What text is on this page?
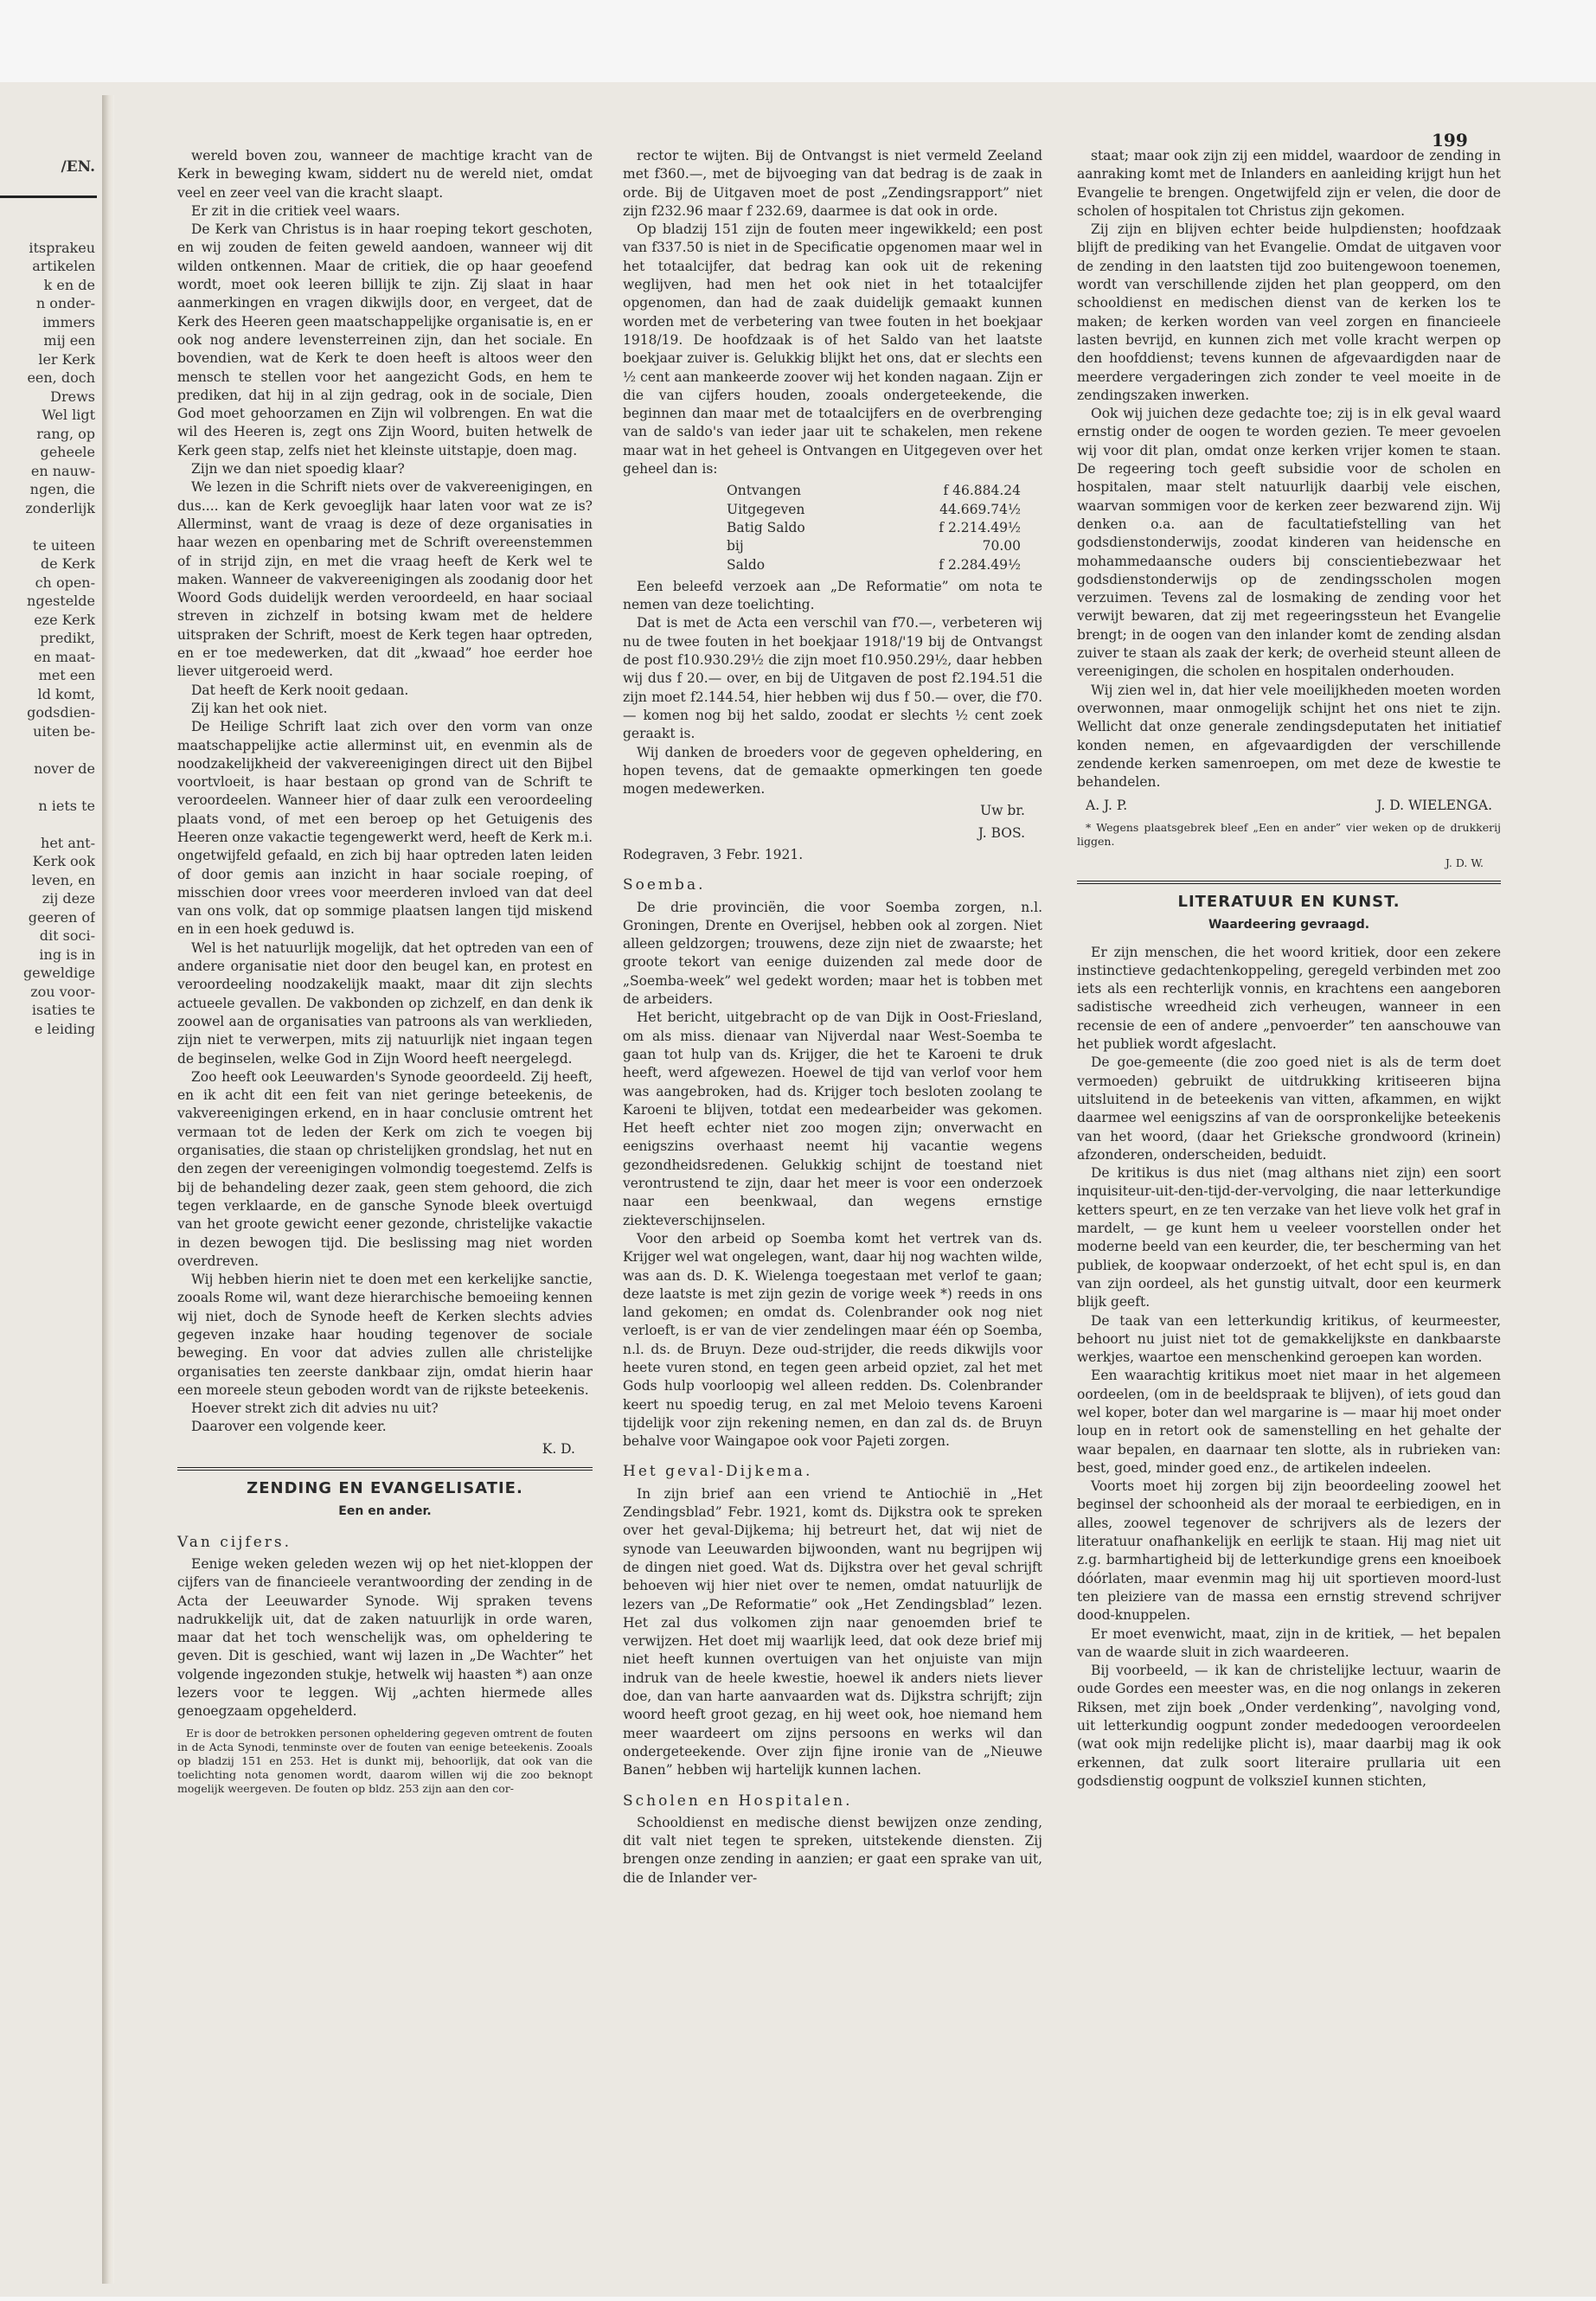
/EN.

itsprakeu
artikelen
k en de
n onder-
immers
mij een
ler Kerk
een, doch
Drews
Wel ligt
rang, op
geheele
en nauw-
ngen, die
zonderlijk
te uiteen
de Kerk
ch open-
ngestelde
eze Kerk
predikt,
en maat-
met een
ld komt,
godsdien-
uiten be-
nover de
n iets te
het ant-
Kerk ook
leven, en
zij deze
geeren of
dit soci-
ing is in
geweldige
zou voor-
isaties te
e leiding

199

wereld boven zou, wanneer de machtige kracht van de Kerk in beweging kwam, siddert nu de wereld niet, omdat veel en zeer veel van die kracht slaapt.

Er zit in die critiek veel waars.

De Kerk van Christus is in haar roeping tekort geschoten, en wij zouden de feiten geweld aandoen, wanneer wij dit wilden ontkennen. Maar de critiek, die op haar geoefend wordt, moet ook leeren billijk te zijn. Zij slaat in haar aanmerkingen en vragen dikwijls door, en vergeet, dat de Kerk des Heeren geen maatschappelijke organisatie is, en er ook nog andere levensterreinen zijn, dan het sociale. En bovendien, wat de Kerk te doen heeft is altoos weer den mensch te stellen voor het aangezicht Gods, en hem te prediken, dat hij in al zijn gedrag, ook in de sociale, Dien God moet gehoorzamen en Zijn wil volbrengen. En wat die wil des Heeren is, zegt ons Zijn Woord, buiten hetwelk de Kerk geen stap, zelfs niet het kleinste uitstapje, doen mag.

Zijn we dan niet spoedig klaar?

We lezen in die Schrift niets over de vakvereenigingen, en dus.... kan de Kerk gevoeglijk haar laten voor wat ze is? Allerminst, want de vraag is deze of deze organisaties in haar wezen en openbaring met de Schrift overeenstemmen of in strijd zijn, en met die vraag heeft de Kerk wel te maken. Wanneer de vakvereenigingen als zoodanig door het Woord Gods duidelijk werden veroordeeld, en haar sociaal streven in zichzelf in botsing kwam met de heldere uitspraken der Schrift, moest de Kerk tegen haar optreden, en er toe medewerken, dat dit „kwaad” hoe eerder hoe liever uitgeroeid werd.

Dat heeft de Kerk nooit gedaan.

Zij kan het ook niet.

De Heilige Schrift laat zich over den vorm van onze maatschappelijke actie allerminst uit, en evenmin als de noodzakelijkheid der vakvereenigingen direct uit den Bijbel voortvloeit, is haar bestaan op grond van de Schrift te veroordeelen. Wanneer hier of daar zulk een veroordeeling plaats vond, of met een beroep op het Getuigenis des Heeren onze vakactie tegengewerkt werd, heeft de Kerk m.i. ongetwijfeld gefaald, en zich bij haar optreden laten leiden of door gemis aan inzicht in haar sociale roeping, of misschien door vrees voor meerderen invloed van dat deel van ons volk, dat op sommige plaatsen langen tijd miskend en in een hoek geduwd is.

Wel is het natuurlijk mogelijk, dat het optreden van een of andere organisatie niet door den beugel kan, en protest en veroordeeling noodzakelijk maakt, maar dit zijn slechts actueele gevallen. De vakbonden op zichzelf, en dan denk ik zoowel aan de organisaties van patroons als van werklieden, zijn niet te verwerpen, mits zij natuurlijk niet ingaan tegen de beginselen, welke God in Zijn Woord heeft neergelegd.

Zoo heeft ook Leeuwarden's Synode geoordeeld. Zij heeft, en ik acht dit een feit van niet geringe beteekenis, de vakvereenigingen erkend, en in haar conclusie omtrent het vermaan tot de leden der Kerk om zich te voegen bij organisaties, die staan op christelijken grondslag, het nut en den zegen der vereenigingen volmondig toegestemd. Zelfs is bij de behandeling dezer zaak, geen stem gehoord, die zich tegen verklaarde, en de gansche Synode bleek overtuigd van het groote gewicht eener gezonde, christelijke vakactie in dezen bewogen tijd. Die beslissing mag niet worden overdreven.

Wij hebben hierin niet te doen met een kerkelijke sanctie, zooals Rome wil, want deze hierarchische bemoeiing kennen wij niet, doch de Synode heeft de Kerken slechts advies gegeven inzake haar houding tegenover de sociale beweging. En voor dat advies zullen alle christelijke organisaties ten zeerste dankbaar zijn, omdat hierin haar een moreele steun geboden wordt van de rijkste beteekenis.

Hoever strekt zich dit advies nu uit?

Daarover een volgende keer.

K. D.
ZENDING EN EVANGELISATIE.
Een en ander.
Van cijfers.

Eenige weken geleden wezen wij op het niet-kloppen der cijfers van de financieele verantwoording der zending in de Acta der Leeuwarder Synode. Wij spraken tevens nadrukkelijk uit, dat de zaken natuurlijk in orde waren, maar dat het toch wenschelijk was, om opheldering te geven. Dit is geschied, want wij lazen in „De Wachter” het volgende ingezonden stukje, hetwelk wij haasten *) aan onze lezers voor te leggen. Wij „achten hiermede alles genoegzaam opgehelderd.

Er is door de betrokken personen opheldering gegeven omtrent de fouten in de Acta Synodi, tenminste over de fouten van eenige beteekenis. Zooals op bladzij 151 en 253. Het is dunkt mij, behoorlijk, dat ook van die toelichting nota genomen wordt, daarom willen wij die zoo beknopt mogelijk weergeven. De fouten op bldz. 253 zijn aan den cor-

rector te wijten. Bij de Ontvangst is niet vermeld Zeeland met f360.—, met de bijvoeging van dat bedrag is de zaak in orde. Bij de Uitgaven moet de post „Zendingsrapport” niet zijn f232.96 maar f 232.69, daarmee is dat ook in orde.

Op bladzij 151 zijn de fouten meer ingewikkeld; een post van f337.50 is niet in de Specificatie opgenomen maar wel in het totaalcijfer, dat bedrag kan ook uit de rekening weglijven, had men het ook niet in het totaalcijfer opgenomen, dan had de zaak duidelijk gemaakt kunnen worden met de verbetering van twee fouten in het boekjaar 1918/19. De hoofdzaak is of het Saldo van het laatste boekjaar zuiver is. Gelukkig blijkt het ons, dat er slechts een ½ cent aan mankeerde zoover wij het konden nagaan. Zijn er die van cijfers houden, zooals ondergeteekende, die beginnen dan maar met de totaalcijfers en de overbrenging van de saldo's van ieder jaar uit te schakelen, men rekene maar wat in het geheel is Ontvangen en Uitgegeven over het geheel dan is:

Ontvangen	f 46.884.24
Uitgegeven	44.669.74½
Batig Saldo	f 2.214.49½
bij	70.00
Saldo	f 2.284.49½

Een beleefd verzoek aan „De Reformatie” om nota te nemen van deze toelichting.

Dat is met de Acta een verschil van f70.—, verbeteren wij nu de twee fouten in het boekjaar 1918/'19 bij de Ontvangst de post f10.930.29½ die zijn moet f10.950.29½, daar hebben wij dus f 20.— over, en bij de Uitgaven de post f2.194.51 die zijn moet f2.144.54, hier hebben wij dus f 50.— over, die f70.— komen nog bij het saldo, zoodat er slechts ½ cent zoek geraakt is.

Wij danken de broeders voor de gegeven opheldering, en hopen tevens, dat de gemaakte opmerkingen ten goede mogen medewerken.

Uw br.
J. BOS.
Rodegraven, 3 Febr. 1921.
Soemba.

De drie provinciën, die voor Soemba zorgen, n.l. Groningen, Drente en Overijsel, hebben ook al zorgen. Niet alleen geldzorgen; trouwens, deze zijn niet de zwaarste; het groote tekort van eenige duizenden zal mede door de „Soemba-week” wel gedekt worden; maar het is tobben met de arbeiders.

Het bericht, uitgebracht op de van Dijk in Oost-Friesland, om als miss. dienaar van Nijverdal naar West-Soemba te gaan tot hulp van ds. Krijger, die het te Karoeni te druk heeft, werd afgewezen. Hoewel de tijd van verlof voor hem was aangebroken, had ds. Krijger toch besloten zoolang te Karoeni te blijven, totdat een medearbeider was gekomen. Het heeft echter niet zoo mogen zijn; onverwacht en eenigszins overhaast neemt hij vacantie wegens gezondheidsredenen. Gelukkig schijnt de toestand niet verontrustend te zijn, daar het meer is voor een onderzoek naar een beenkwaal, dan wegens ernstige ziekteverschijnselen.

Voor den arbeid op Soemba komt het vertrek van ds. Krijger wel wat ongelegen, want, daar hij nog wachten wilde, was aan ds. D. K. Wielenga toegestaan met verlof te gaan; deze laatste is met zijn gezin de vorige week *) reeds in ons land gekomen; en omdat ds. Colenbrander ook nog niet verloeft, is er van de vier zendelingen maar één op Soemba, n.l. ds. de Bruyn. Deze oud-strijder, die reeds dikwijls voor heete vuren stond, en tegen geen arbeid opziet, zal het met Gods hulp voorloopig wel alleen redden. Ds. Colenbrander keert nu spoedig terug, en zal met Meloio tevens Karoeni tijdelijk voor zijn rekening nemen, en dan zal ds. de Bruyn behalve voor Waingapoe ook voor Pajeti zorgen.

Het geval-Dijkema.

In zijn brief aan een vriend te Antiochië in „Het Zendingsblad” Febr. 1921, komt ds. Dijkstra ook te spreken over het geval-Dijkema; hij betreurt het, dat wij niet de synode van Leeuwarden bijwoonden, want nu begrijpen wij de dingen niet goed. Wat ds. Dijkstra over het geval schrijft behoeven wij hier niet over te nemen, omdat natuurlijk de lezers van „De Reformatie” ook „Het Zendingsblad” lezen. Het zal dus volkomen zijn naar genoemden brief te verwijzen. Het doet mij waarlijk leed, dat ook deze brief mij niet heeft kunnen overtuigen van het onjuiste van mijn indruk van de heele kwestie, hoewel ik anders niets liever doe, dan van harte aanvaarden wat ds. Dijkstra schrijft; zijn woord heeft groot gezag, en hij weet ook, hoe niemand hem meer waardeert om zijns persoons en werks wil dan ondergeteekende. Over zijn fijne ironie van de „Nieuwe Banen” hebben wij hartelijk kunnen lachen.

Scholen en Hospitalen.

Schooldienst en medische dienst bewijzen onze zending, dit valt niet tegen te spreken, uitstekende diensten. Zij brengen onze zending in aanzien; er gaat een sprake van uit, die de Inlander ver-

staat; maar ook zijn zij een middel, waardoor de zending in aanraking komt met de Inlanders en aanleiding krijgt hun het Evangelie te brengen. Ongetwijfeld zijn er velen, die door de scholen of hospitalen tot Christus zijn gekomen.

Zij zijn en blijven echter beide hulpdiensten; hoofdzaak blijft de prediking van het Evangelie. Omdat de uitgaven voor de zending in den laatsten tijd zoo buitengewoon toenemen, wordt van verschillende zijden het plan geopperd, om den schooldienst en medischen dienst van de kerken los te maken; de kerken worden van veel zorgen en financieele lasten bevrijd, en kunnen zich met volle kracht werpen op den hoofddienst; tevens kunnen de afgevaardigden naar de meerdere vergaderingen zich zonder te veel moeite in de zendingszaken inwerken.

Ook wij juichen deze gedachte toe; zij is in elk geval waard ernstig onder de oogen te worden gezien. Te meer gevoelen wij voor dit plan, omdat onze kerken vrijer komen te staan. De regeering toch geeft subsidie voor de scholen en hospitalen, maar stelt natuurlijk daarbij vele eischen, waarvan sommigen voor de kerken zeer bezwarend zijn. Wij denken o.a. aan de facultatiefstelling van het godsdienstonderwijs, zoodat kinderen van heidensche en mohammedaansche ouders bij conscientiebezwaar het godsdienstonderwijs op de zendingsscholen mogen verzuimen. Tevens zal de losmaking de zending voor het verwijt bewaren, dat zij met regeeringssteun het Evangelie brengt; in de oogen van den inlander komt de zending alsdan zuiver te staan als zaak der kerk; de overheid steunt alleen de vereenigingen, die scholen en hospitalen onderhouden.

Wij zien wel in, dat hier vele moeilijkheden moeten worden overwonnen, maar onmogelijk schijnt het ons niet te zijn. Wellicht dat onze generale zendingsdeputaten het initiatief konden nemen, en afgevaardigden der verschillende zendende kerken samenroepen, om met deze de kwestie te behandelen.

A. J. P.	J. D. WIELENGA.
* Wegens plaatsgebrek bleef „Een en ander” vier weken op de drukkerij liggen.
J. D. W.
LITERATUUR EN KUNST.
Waardeering gevraagd.

Er zijn menschen, die het woord kritiek, door een zekere instinctieve gedachtenkoppeling, geregeld verbinden met zoo iets als een rechterlijk vonnis, en krachtens een aangeboren sadistische wreedheid zich verheugen, wanneer in een recensie de een of andere „penvoerder” ten aanschouwe van het publiek wordt afgeslacht.

De goe-gemeente (die zoo goed niet is als de term doet vermoeden) gebruikt de uitdrukking kritiseeren bijna uitsluitend in de beteekenis van vitten, afkammen, en wijkt daarmee wel eenigszins af van de oorspronkelijke beteekenis van het woord, (daar het Grieksche grondwoord (krinein) afzonderen, onderscheiden, beduidt.

De kritikus is dus niet (mag althans niet zijn) een soort inquisiteur-uit-den-tijd-der-vervolging, die naar letterkundige ketters speurt, en ze ten verzake van het lieve volk het graf in mardelt, — ge kunt hem u veeleer voorstellen onder het moderne beeld van een keurder, die, ter bescherming van het publiek, de koopwaar onderzoekt, of het echt spul is, en dan van zijn oordeel, als het gunstig uitvalt, door een keurmerk blijk geeft.

De taak van een letterkundig kritikus, of keurmeester, behoort nu juist niet tot de gemakkelijkste en dankbaarste werkjes, waartoe een menschenkind geroepen kan worden.

Een waarachtig kritikus moet niet maar in het algemeen oordeelen, (om in de beeldspraak te blijven), of iets goud dan wel koper, boter dan wel margarine is — maar hij moet onder loup en in retort ook de samenstelling en het gehalte der waar bepalen, en daarnaar ten slotte, als in rubrieken van: best, goed, minder goed enz., de artikelen indeelen.

Voorts moet hij zorgen bij zijn beoordeeling zoowel het beginsel der schoonheid als der moraal te eerbiedigen, en in alles, zoowel tegenover de schrijvers als de lezers der literatuur onafhankelijk en eerlijk te staan. Hij mag niet uit z.g. barmhartigheid bij de letterkundige grens een knoeiboek dóórlaten, maar evenmin mag hij uit sportieven moord-lust ten pleiziere van de massa een ernstig strevend schrijver dood-knuppelen.

Er moet evenwicht, maat, zijn in de kritiek, — het bepalen van de waarde sluit in zich waardeeren.

Bij voorbeeld, — ik kan de christelijke lectuur, waarin de oude Gordes een meester was, en die nog onlangs in zekeren Riksen, met zijn boek „Onder verdenking”, navolging vond, uit letterkundig oogpunt zonder mededoogen veroordeelen (wat ook mijn redelijke plicht is), maar daarbij mag ik ook erkennen, dat zulk soort literaire prullaria uit een godsdienstig oogpunt de volkszieI kunnen stichten,
